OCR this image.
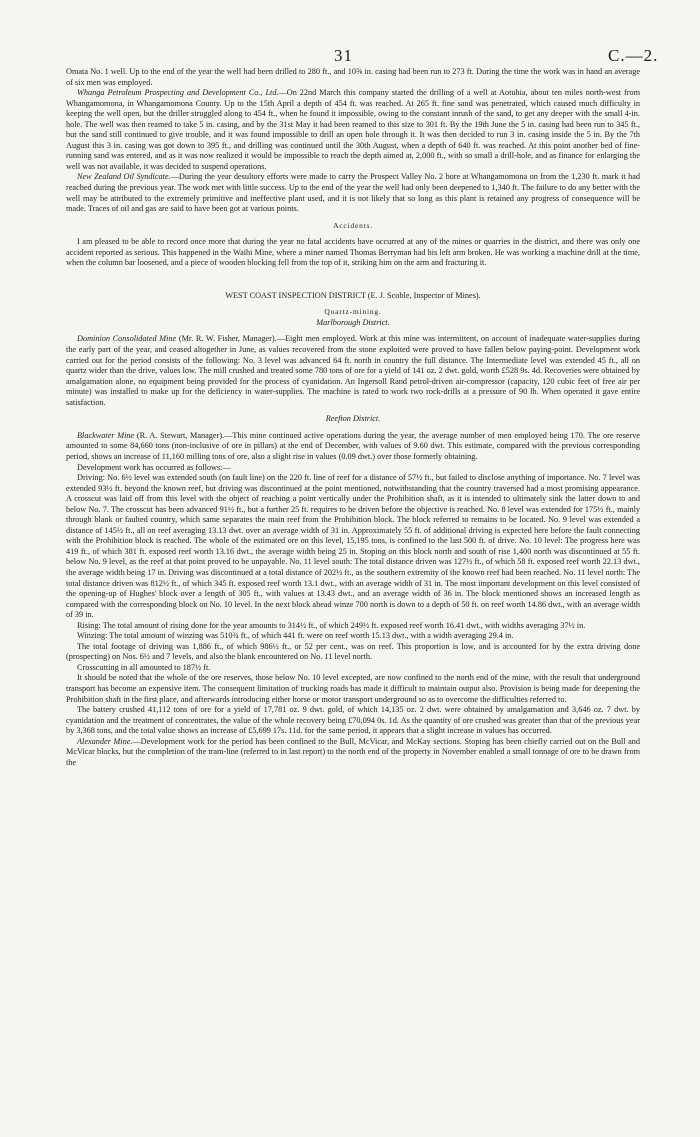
31	C.—2.

Omata No. 1 well. Up to the end of the year the well had been drilled to 280 ft., and 10⅝ in. casing had been run to 273 ft. During the time the work was in hand an average of six men was employed.

Whanga Petroleum Prospecting and Development Co., Ltd.—On 22nd March this company started the drilling of a well at Aotuhia, about ten miles north-west from Whangamomona, in Whangamomona County. Up to the 15th April a depth of 454 ft. was reached. At 265 ft. fine sand was penetrated, which caused much difficulty in keeping the well open, but the driller struggled along to 454 ft., when he found it impossible, owing to the constant inrush of the sand, to get any deeper with the small 4-in. hole. The well was then reamed to take 5 in. casing, and by the 31st May it had been reamed to this size to 301 ft. By the 19th June the 5 in. casing had been run to 345 ft., but the sand still continued to give trouble, and it was found impossible to drill an open hole through it. It was then decided to run 3 in. casing inside the 5 in. By the 7th August this 3 in. casing was got down to 395 ft., and drilling was continued until the 30th August, when a depth of 640 ft. was reached. At this point another bed of fine-running sand was entered, and as it was now realized it would be impossible to reach the depth aimed at, 2,000 ft., with so small a drill-hole, and as finance for enlarging the well was not available, it was decided to suspend operations.

New Zealand Oil Syndicate.—During the year desultory efforts were made to carry the Prospect Valley No. 2 bore at Whangamomona on from the 1,230 ft. mark it had reached during the previous year. The work met with little success. Up to the end of the year the well had only been deepened to 1,340 ft. The failure to do any better with the well may be attributed to the extremely primitive and ineffective plant used, and it is not likely that so long as this plant is retained any progress of consequence will be made. Traces of oil and gas are said to have been got at various points.

Accidents.

I am pleased to be able to record once more that during the year no fatal accidents have occurred at any of the mines or quarries in the district, and there was only one accident reported as serious. This happened in the Waihi Mine, where a miner named Thomas Berryman had his left arm broken. He was working a machine drill at the time, when the column bar loosened, and a piece of wooden blocking fell from the top of it, striking him on the arm and fracturing it.

WEST COAST INSPECTION DISTRICT (E. J. Scoble, Inspector of Mines).

Quartz-mining.

Marlborough District.

Dominion Consolidated Mine (Mr. R. W. Fisher, Manager).—Eight men employed. Work at this mine was intermittent, on account of inadequate water-supplies during the early part of the year, and ceased altogether in June, as values recovered from the stone exploited were proved to have fallen below paying-point. Development work carried out for the period consists of the following: No. 3 level was advanced 64 ft. north in country the full distance. The Intermediate level was extended 45 ft., all on quartz wider than the drive, values low. The mill crushed and treated some 780 tons of ore for a yield of 141 oz. 2 dwt. gold, worth £528 9s. 4d. Recoveries were obtained by amalgamation alone, no equipment being provided for the process of cyanidation. An Ingersoll Rand petrol-driven air-compressor (capacity, 120 cubic feet of free air per minute) was installed to make up for the deficiency in water-supplies. The machine is rated to work two rock-drills at a pressure of 90 lb. When operated it gave entire satisfaction.

Reefton District.

Blackwater Mine (R. A. Stewart, Manager).—This mine continued active operations during the year, the average number of men employed being 170. The ore reserve amounted to some 84,660 tons (non-inclusive of ore in pillars) at the end of December, with values of 9.60 dwt. This estimate, compared with the previous corresponding period, shows an increase of 11,160 milling tons of ore, also a slight rise in values (0.09 dwt.) over those formerly obtaining.

Development work has occurred as follows:—

Driving: No. 6½ level was extended south (on fault line) on the 220 ft. line of reef for a distance of 57½ ft., but failed to disclose anything of importance. No. 7 level was extended 93½ ft. beyond the known reef, but driving was discontinued at the point mentioned, notwithstanding that the country traversed had a most promising appearance. A crosscut was laid off from this level with the object of reaching a point vertically under the Prohibition shaft, as it is intended to ultimately sink the latter down to and below No. 7. The crosscut has been advanced 91½ ft., but a further 25 ft. requires to be driven before the objective is reached. No. 8 level was extended for 175½ ft., mainly through blank or faulted country, which same separates the main reef from the Prohibition block. The block referred to remains to be located. No. 9 level was extended a distance of 145½ ft., all on reef averaging 13.13 dwt. over an average width of 31 in. Approximately 55 ft. of additional driving is expected here before the fault connecting with the Prohibition block is reached. The whole of the estimated ore on this level, 15,195 tons, is confined to the last 500 ft. of drive. No. 10 level: The progress here was 419 ft., of which 381 ft. exposed reef worth 13.16 dwt., the average width being 25 in. Stoping on this block north and south of rise 1,400 north was discontinued at 55 ft. below No. 9 level, as the reef at that point proved to be unpayable. No. 11 level south: The total distance driven was 127½ ft., of which 58 ft. exposed reef worth 22.13 dwt., the average width being 17 in. Driving was discontinued at a total distance of 202½ ft., as the southern extremity of the known reef had been reached. No. 11 level north: The total distance driven was 812½ ft., of which 345 ft. exposed reef worth 13.1 dwt., with an average width of 31 in. The most important development on this level consisted of the opening-up of Hughes' block over a length of 305 ft., with values at 13.43 dwt., and an average width of 36 in. The block mentioned shows an increased length as compared with the corresponding block on No. 10 level. In the next block ahead winze 700 north is down to a depth of 50 ft. on reef worth 14.86 dwt., with an average width of 39 in.

Rising: The total amount of rising done for the year amounts to 314½ ft., of which 249½ ft. exposed reef worth 16.41 dwt., with widths averaging 37½ in.

Winzing: The total amount of winzing was 510¾ ft., of which 441 ft. were on reef worth 15.13 dwt., with a width averaging 29.4 in.

The total footage of driving was 1,886 ft., of which 986½ ft., or 52 per cent., was on reef. This proportion is low, and is accounted for by the extra driving done (prospecting) on Nos. 6½ and 7 levels, and also the blank encountered on No. 11 level north.

Crosscutting in all amounted to 187½ ft.

It should be noted that the whole of the ore reserves, those below No. 10 level excepted, are now confined to the north end of the mine, with the result that underground transport has become an expensive item. The consequent limitation of trucking roads has made it difficult to maintain output also. Provision is being made for deepening the Prohibition shaft in the first place, and afterwards introducing either horse or motor transport underground so as to overcome the difficulties referred to.

The battery crushed 41,112 tons of ore for a yield of 17,781 oz. 9 dwt. gold, of which 14,135 oz. 2 dwt. were obtained by amalgamation and 3,646 oz. 7 dwt. by cyanidation and the treatment of concentrates, the value of the whole recovery being £70,094 0s. 1d. As the quantity of ore crushed was greater than that of the previous year by 3,368 tons, and the total value shows an increase of £5,699 17s. 11d. for the same period, it appears that a slight increase in values has occurred.

Alexander Mine.—Development work for the period has been confined to the Bull, McVicar, and McKay sections. Stoping has been chiefly carried out on the Bull and McVicar blocks, but the completion of the tram-line (referred to in last report) to the north end of the property in November enabled a small tonnage of ore to be drawn from the
